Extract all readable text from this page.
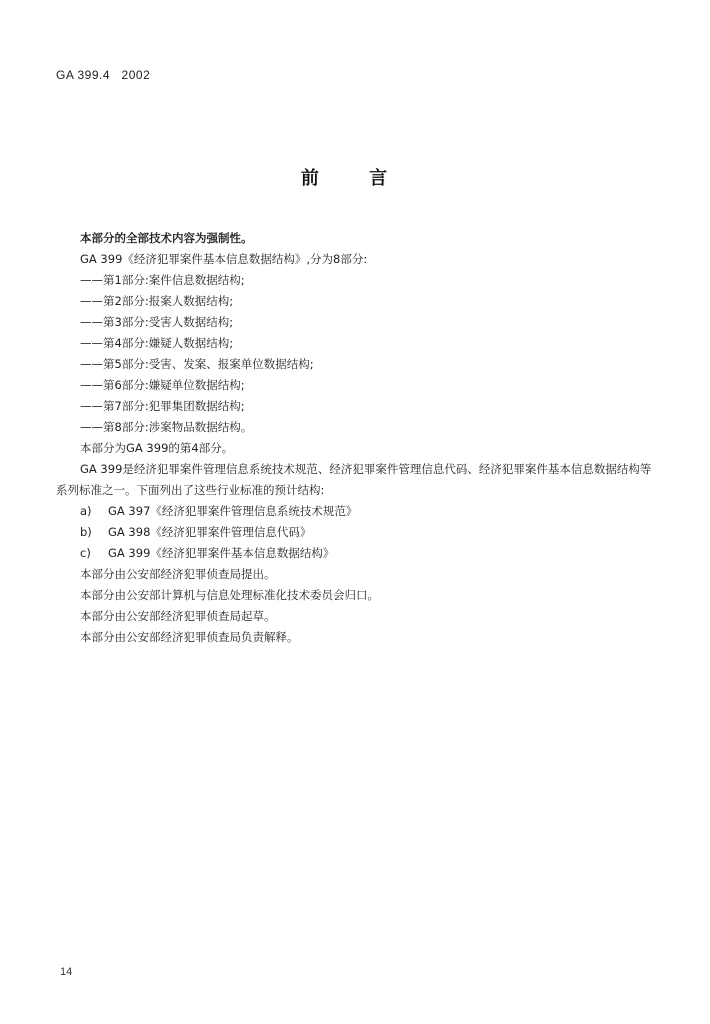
GA 399.4   2002
前 言
本部分的全部技术内容为强制性。
GA 399《经济犯罪案件基本信息数据结构》,分为8部分:
——第1部分:案件信息数据结构;
——第2部分:报案人数据结构;
——第3部分:受害人数据结构;
——第4部分:嫌疑人数据结构;
——第5部分:受害、发案、报案单位数据结构;
——第6部分:嫌疑单位数据结构;
——第7部分:犯罪集团数据结构;
——第8部分:涉案物品数据结构。
本部分为GA 399的第4部分。
GA 399是经济犯罪案件管理信息系统技术规范、经济犯罪案件管理信息代码、经济犯罪案件基本信息数据结构等系列标准之一。下面列出了这些行业标准的预计结构:
a) GA 397《经济犯罪案件管理信息系统技术规范》
b) GA 398《经济犯罪案件管理信息代码》
c) GA 399《经济犯罪案件基本信息数据结构》
本部分由公安部经济犯罪侦查局提出。
本部分由公安部计算机与信息处理标准化技术委员会归口。
本部分由公安部经济犯罪侦查局起草。
本部分由公安部经济犯罪侦查局负责解释。
14
